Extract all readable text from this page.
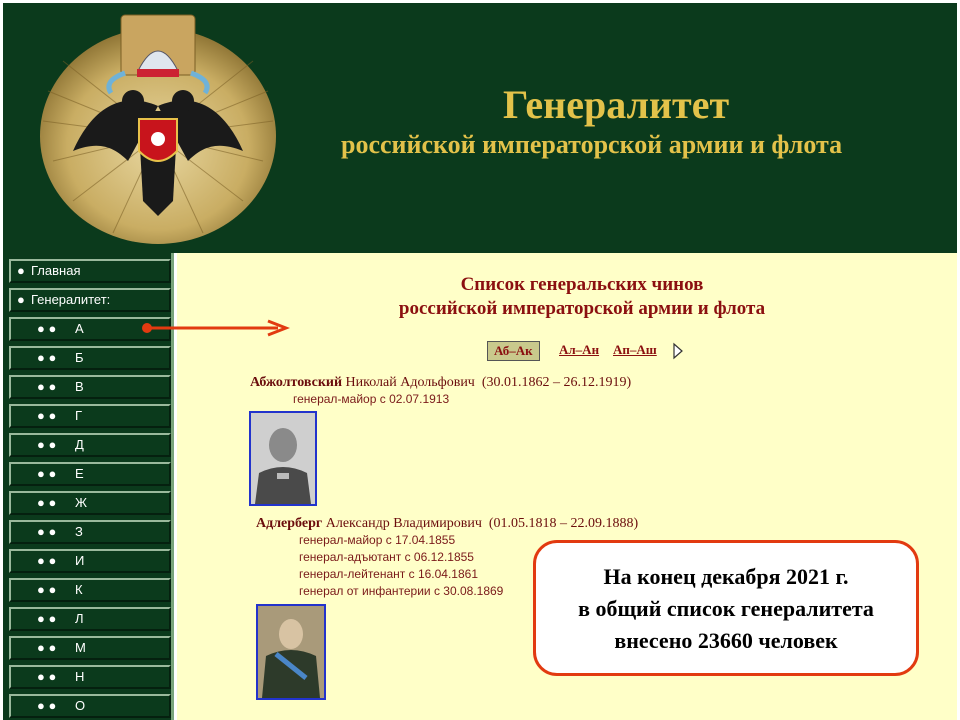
Генералитет
российской императорской армии и флота
● Главная
● Генералитет:
● ● А
● ● Б
● ● В
● ● Г
● ● Д
● ● Е
● ● Ж
● ● З
● ● И
● ● К
● ● Л
● ● М
● ● Н
● ● О
Список генеральских чинов
российской императорской армии и флота
Аб–Ак	Ал–Ан Ап–Аш
Абжолтовский Николай Адольфович (30.01.1862 – 26.12.1919)
генерал-майор с 02.07.1913
Адлерберг Александр Владимирович (01.05.1818 – 22.09.1888)
генерал-майор с 17.04.1855
генерал-адъютант с 06.12.1855
генерал-лейтенант с 16.04.1861
генерал от инфантерии с 30.08.1869
На конец декабря 2021 г.
в общий список генералитета
внесено 23660 человек
